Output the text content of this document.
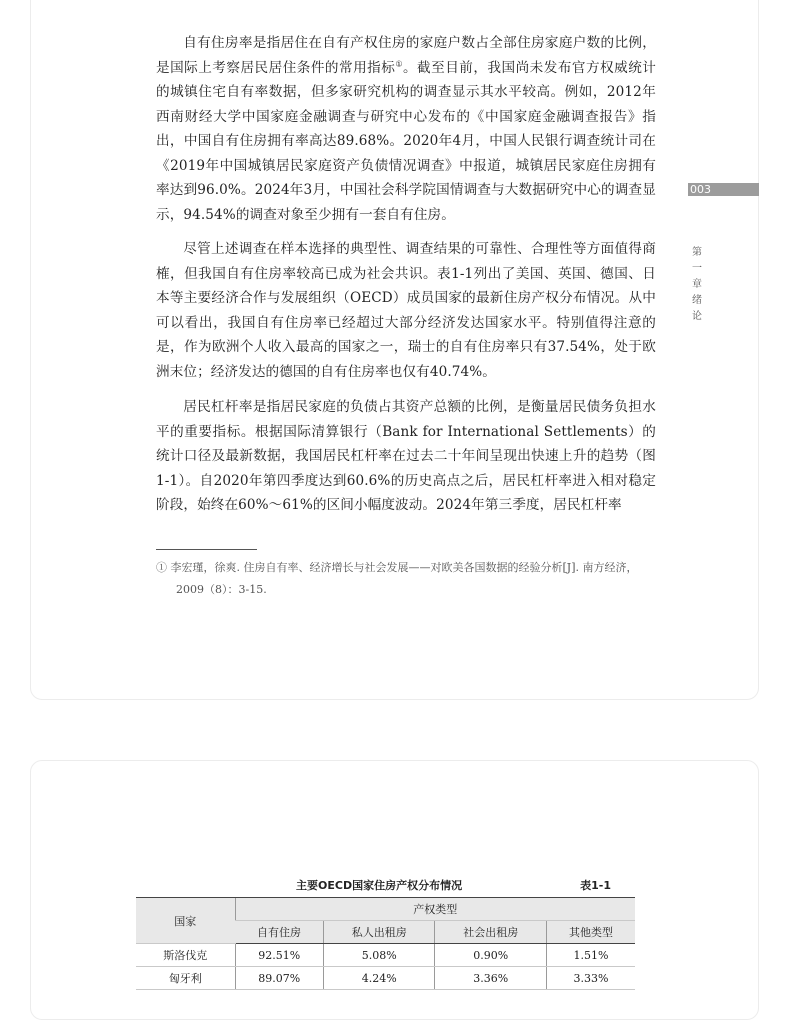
自有住房率是指居住在自有产权住房的家庭户数占全部住房家庭户数的比例，是国际上考察居民居住条件的常用指标①。截至目前，我国尚未发布官方权威统计的城镇住宅自有率数据，但多家研究机构的调查显示其水平较高。例如，2012年西南财经大学中国家庭金融调查与研究中心发布的《中国家庭金融调查报告》指出，中国自有住房拥有率高达89.68%。2020年4月，中国人民银行调查统计司在《2019年中国城镇居民家庭资产负债情况调查》中报道，城镇居民家庭住房拥有率达到96.0%。2024年3月，中国社会科学院国情调查与大数据研究中心的调查显示，94.54%的调查对象至少拥有一套自有住房。

尽管上述调查在样本选择的典型性、调查结果的可靠性、合理性等方面值得商榷，但我国自有住房率较高已成为社会共识。表1-1列出了美国、英国、德国、日本等主要经济合作与发展组织（OECD）成员国家的最新住房产权分布情况。从中可以看出，我国自有住房率已经超过大部分经济发达国家水平。特别值得注意的是，作为欧洲个人收入最高的国家之一，瑞士的自有住房率只有37.54%，处于欧洲末位；经济发达的德国的自有住房率也仅有40.74%。

居民杠杆率是指居民家庭的负债占其资产总额的比例，是衡量居民债务负担水平的重要指标。根据国际清算银行（Bank for International Settlements）的统计口径及最新数据，我国居民杠杆率在过去二十年间呈现出快速上升的趋势（图1-1）。自2020年第四季度达到60.6%的历史高点之后，居民杠杆率进入相对稳定阶段，始终在60%～61%的区间小幅度波动。2024年第三季度，居民杠杆率

① 李宏瑾，徐爽. 住房自有率、经济增长与社会发展——对欧美各国数据的经验分析[J]. 南方经济，2009（8）：3-15.

003
第一章 绪 论
主要OECD国家住房产权分布情况	表1-1
国家	产权类型			
	自有住房	私人出租房	社会出租房	其他类型
斯洛伐克	92.51%	5.08%	0.90%	1.51%
匈牙利	89.07%	4.24%	3.36%	3.33%
